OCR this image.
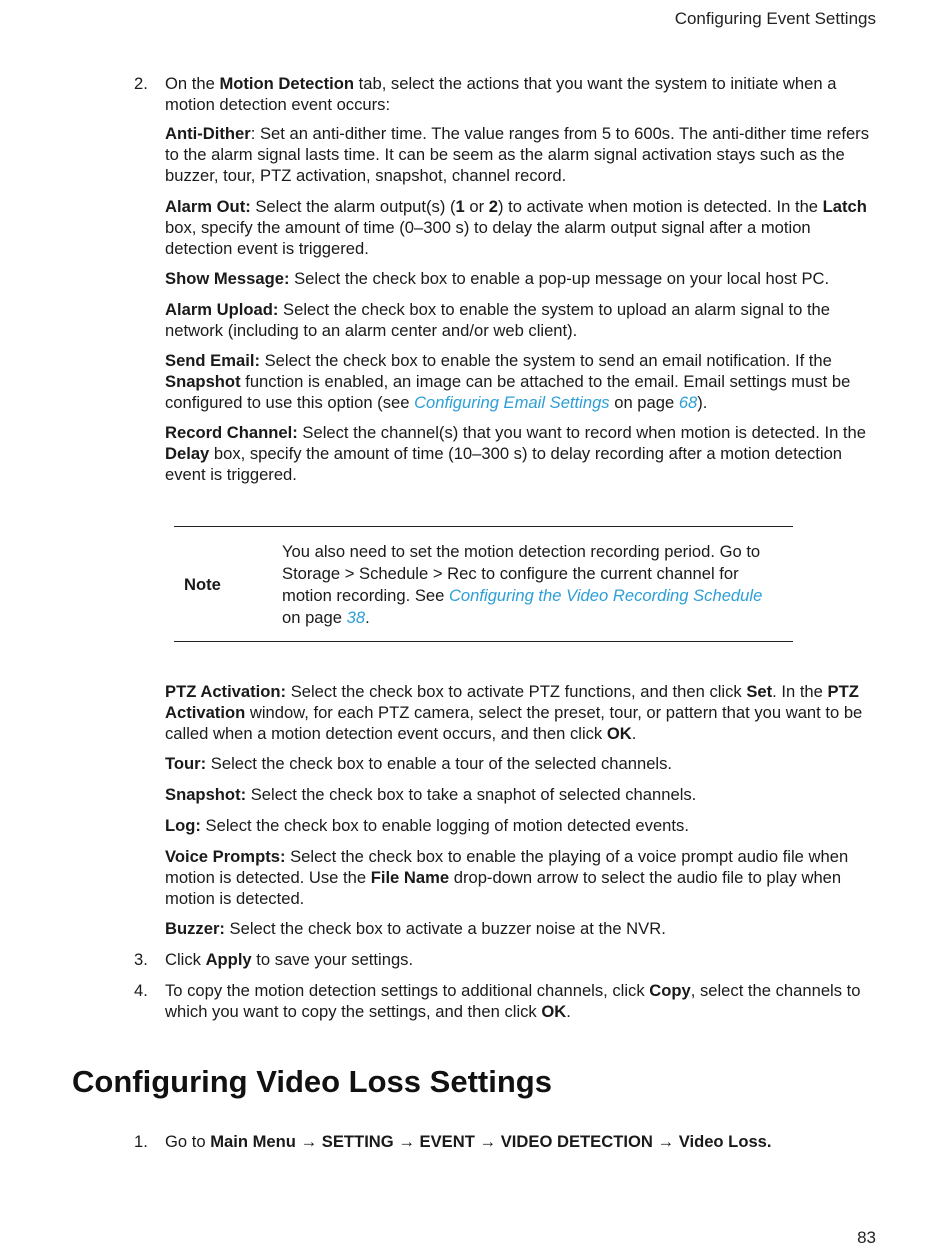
Configuring Event Settings
2.	On the Motion Detection tab, select the actions that you want the system to initiate when a motion detection event occurs:

Anti-Dither: Set an anti-dither time. The value ranges from 5 to 600s. The anti-dither time refers to the alarm signal lasts time. It can be seem as the alarm signal activation stays such as the buzzer, tour, PTZ activation, snapshot, channel record.

Alarm Out: Select the alarm output(s) (1 or 2) to activate when motion is detected. In the Latch box, specify the amount of time (0–300 s) to delay the alarm output signal after a motion detection event is triggered.

Show Message: Select the check box to enable a pop-up message on your local host PC.

Alarm Upload: Select the check box to enable the system to upload an alarm signal to the network (including to an alarm center and/or web client).

Send Email: Select the check box to enable the system to send an email notification. If the Snapshot function is enabled, an image can be attached to the email. Email settings must be configured to use this option (see Configuring Email Settings on page 68).

Record Channel: Select the channel(s) that you want to record when motion is detected. In the Delay box, specify the amount of time (10–300 s) to delay recording after a motion detection event is triggered.

Note
You also need to set the motion detection recording period. Go to Storage > Schedule > Rec to configure the current channel for motion recording. See Configuring the Video Recording Schedule on page 38.

PTZ Activation: Select the check box to activate PTZ functions, and then click Set. In the PTZ Activation window, for each PTZ camera, select the preset, tour, or pattern that you want to be called when a motion detection event occurs, and then click OK.

Tour: Select the check box to enable a tour of the selected channels.

Snapshot: Select the check box to take a snaphot of selected channels.

Log: Select the check box to enable logging of motion detected events.

Voice Prompts: Select the check box to enable the playing of a voice prompt audio file when motion is detected. Use the File Name drop-down arrow to select the audio file to play when motion is detected.

Buzzer: Select the check box to activate a buzzer noise at the NVR.

3.	Click Apply to save your settings.

4.	To copy the motion detection settings to additional channels, click Copy, select the channels to which you want to copy the settings, and then click OK.

Configuring Video Loss Settings
1.	Go to Main Menu → SETTING → EVENT → VIDEO DETECTION → Video Loss.

83
